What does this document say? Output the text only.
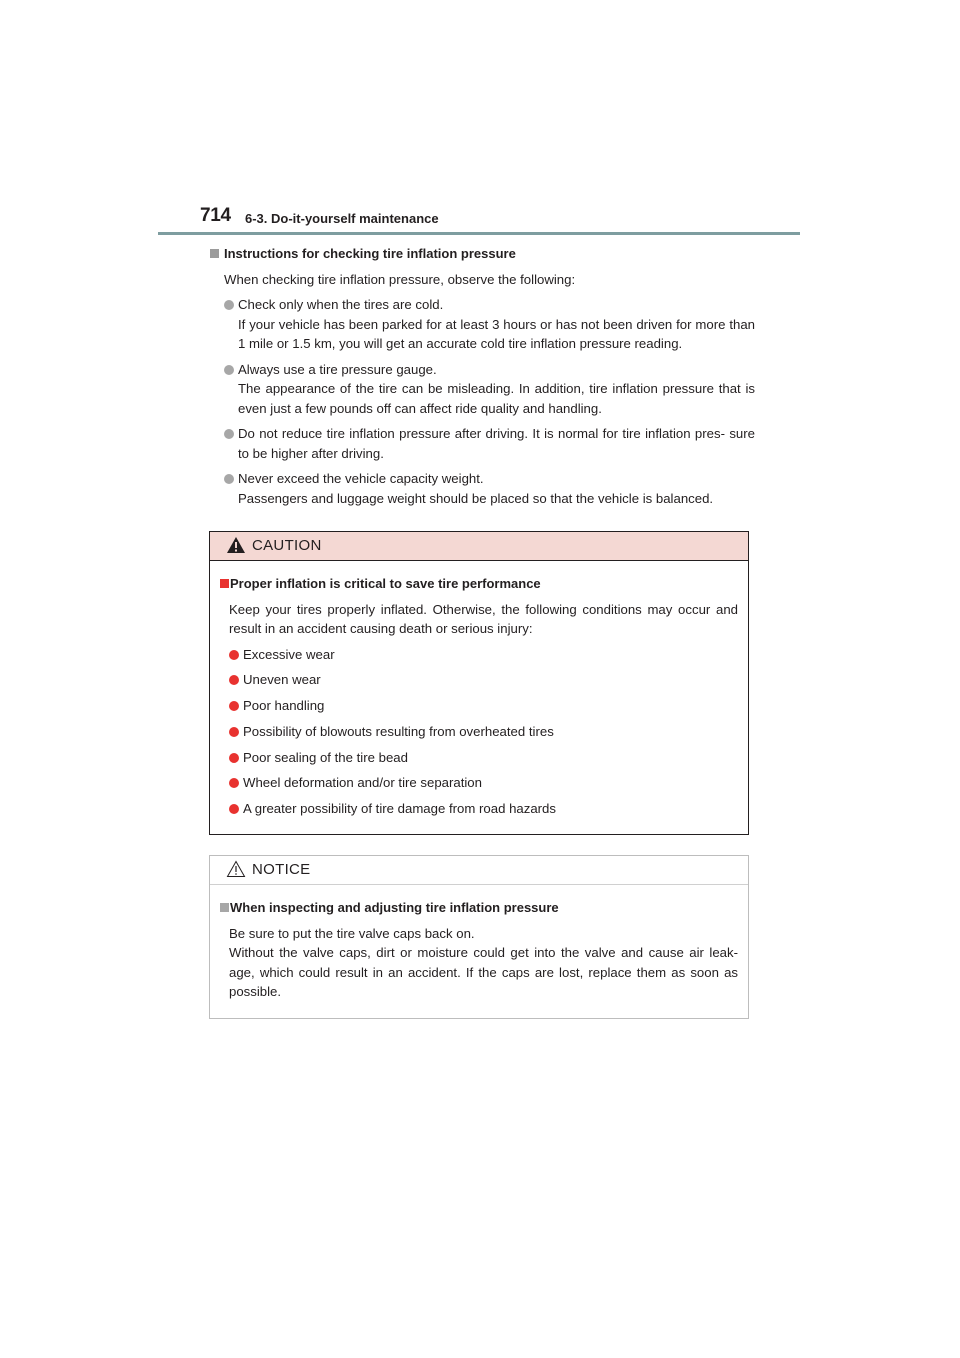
714 6-3. Do-it-yourself maintenance
Instructions for checking tire inflation pressure
When checking tire inflation pressure, observe the following:
Check only when the tires are cold.
If your vehicle has been parked for at least 3 hours or has not been driven for more than 1 mile or 1.5 km, you will get an accurate cold tire inflation pressure reading.
Always use a tire pressure gauge.
The appearance of the tire can be misleading. In addition, tire inflation pressure that is even just a few pounds off can affect ride quality and handling.
Do not reduce tire inflation pressure after driving. It is normal for tire inflation pres- sure to be higher after driving.
Never exceed the vehicle capacity weight.
Passengers and luggage weight should be placed so that the vehicle is balanced.
CAUTION
Proper inflation is critical to save tire performance
Keep your tires properly inflated. Otherwise, the following conditions may occur and result in an accident causing death or serious injury:
Excessive wear
Uneven wear
Poor handling
Possibility of blowouts resulting from overheated tires
Poor sealing of the tire bead
Wheel deformation and/or tire separation
A greater possibility of tire damage from road hazards
NOTICE
When inspecting and adjusting tire inflation pressure
Be sure to put the tire valve caps back on.
Without the valve caps, dirt or moisture could get into the valve and cause air leak- age, which could result in an accident. If the caps are lost, replace them as soon as possible.
